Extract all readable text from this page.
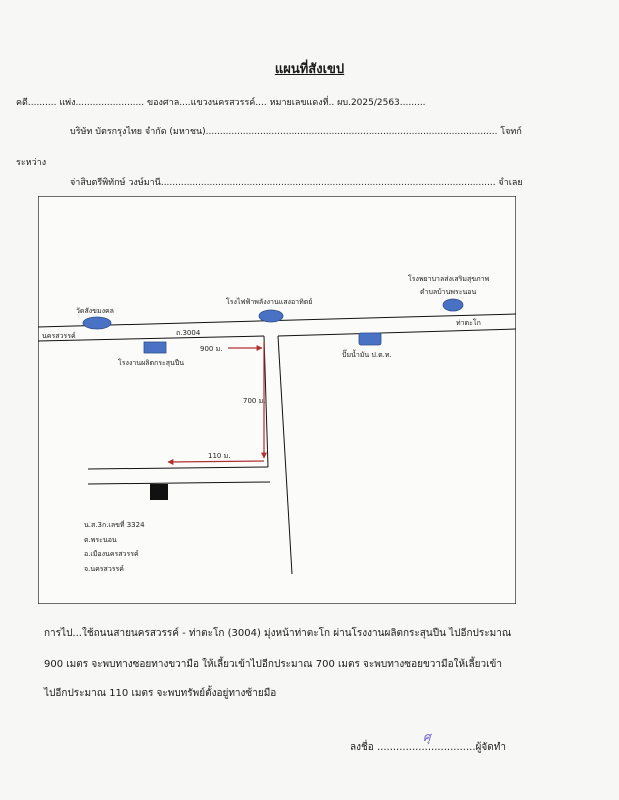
แผนที่สังเขป
คดี.......... แพ่ง........................ ของศาล....แขวงนครสวรรค์.... หมายเลขแดงที่.. ผบ.2025/2563.........
บริษัท บัตรกรุงไทย จำกัด (มหาชน)...................................................................................................... โจทก์
ระหว่าง
จ่าสิบตรีพิทักษ์ วงษ์มานี..................................................................................................................... จำเลย
วัดสังขมงคล
โรงไฟฟ้าพลังงานแสงอาทิตย์
โรงพยาบาลส่งเสริมสุขภาพ
ตำบลบ้านพระนอน
โรงงานผลิตกระสุนปืน
ปั๊มน้ำมัน ป.ต.ท.
ถ.3004
นครสวรรค์
ท่าตะโก
900 ม.
700 ม.
110 ม.
น.ส.3ก.เลขที่ 3324
ต.พระนอน
อ.เมืองนครสวรรค์
จ.นครสวรรค์
การไป...ใช้ถนนสายนครสวรรค์ - ท่าตะโก (3004) มุ่งหน้าท่าตะโก ผ่านโรงงานผลิตกระสุนปืน ไปอีกประมาณ
900 เมตร จะพบทางซอยทางขวามือ ให้เลี้ยวเข้าไปอีกประมาณ 700 เมตร จะพบทางซอยขวามือให้เลี้ยวเข้า
ไปอีกประมาณ 110 เมตร จะพบทรัพย์ตั้งอยู่ทางซ้ายมือ
ลงชื่อ ...............................ผู้จัดทำ
ศุ
